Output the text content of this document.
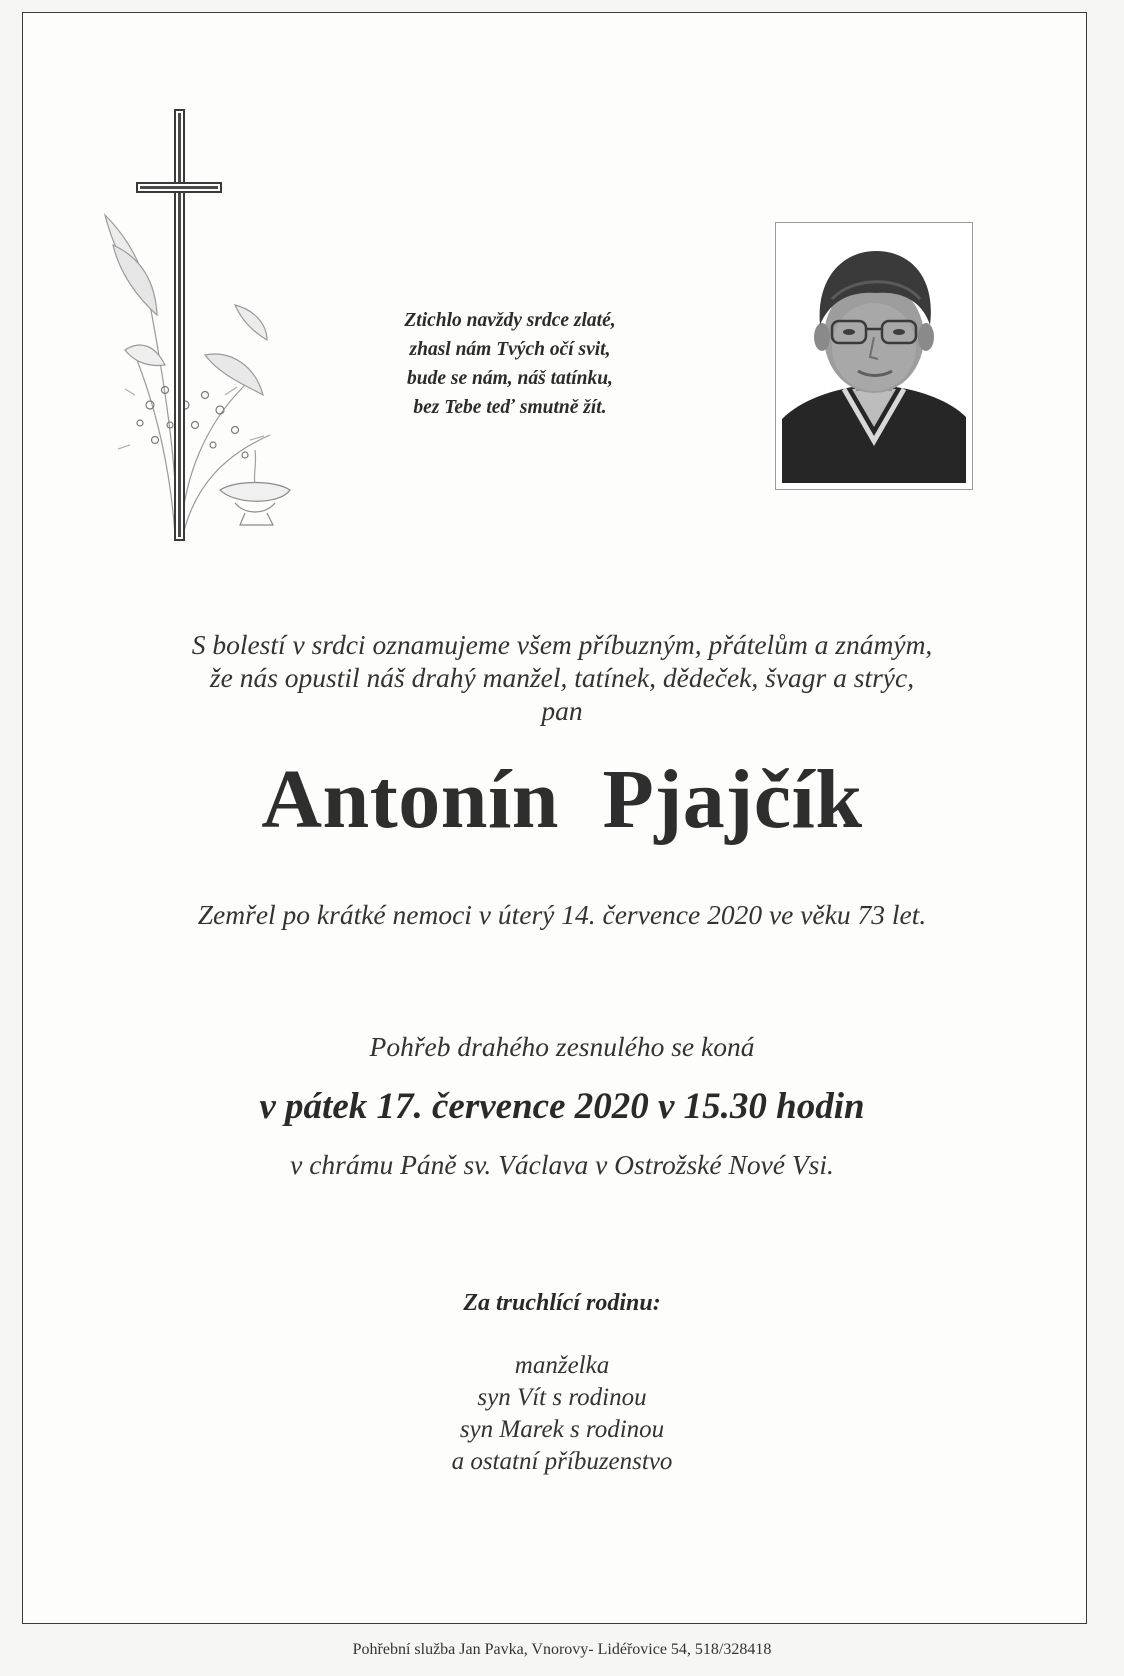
Ztichlo navždy srdce zlaté,
zhasl nám Tvých očí svit,
bude se nám, náš tatínku,
bez Tebe teď smutně žít.
S bolestí v srdci oznamujeme všem příbuzným, přátelům a známým,
že nás opustil náš drahý manžel, tatínek, dědeček, švagr a strýc,
pan
Antonín Pjajčík
Zemřel po krátké nemoci v úterý 14. července 2020 ve věku 73 let.
Pohřeb drahého zesnulého se koná
v pátek 17. července 2020 v 15.30 hodin
v chrámu Páně sv. Václava v Ostrožské Nové Vsi.
Za truchlící rodinu:
manželka
syn Vít s rodinou
syn Marek s rodinou
a ostatní příbuzenstvo
Pohřební služba Jan Pavka, Vnorovy- Lidéřovice 54, 518/328418
